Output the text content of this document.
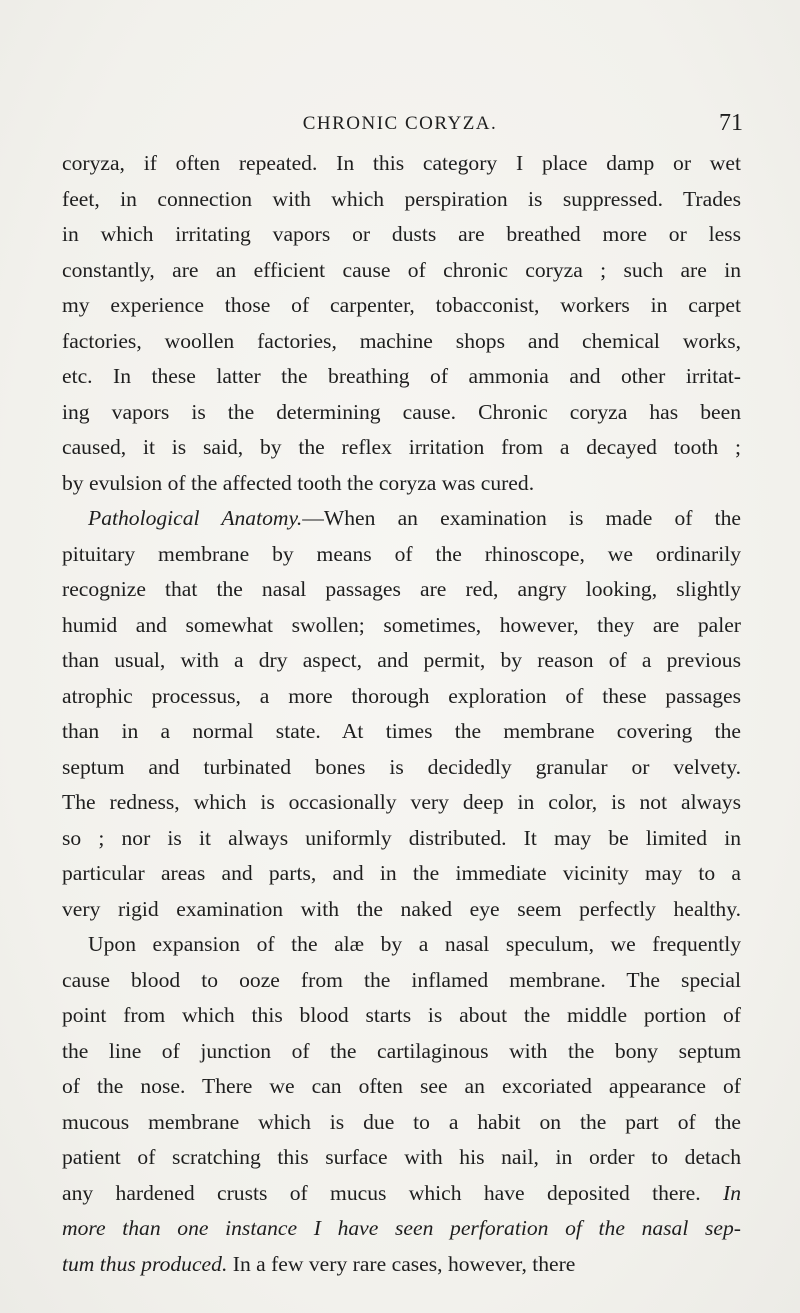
CHRONIC CORYZA.	71
coryza, if often repeated. In this category I place damp or wet
feet, in connection with which perspiration is suppressed. Trades
in which irritating vapors or dusts are breathed more or less
constantly, are an efficient cause of chronic coryza ; such are in
my experience those of carpenter, tobacconist, workers in carpet
factories, woollen factories, machine shops and chemical works,
etc. In these latter the breathing of ammonia and other irritat-
ing vapors is the determining cause. Chronic coryza has been
caused, it is said, by the reflex irritation from a decayed tooth ;
by evulsion of the affected tooth the coryza was cured.
Pathological Anatomy.—When an examination is made of the
pituitary membrane by means of the rhinoscope, we ordinarily
recognize that the nasal passages are red, angry looking, slightly
humid and somewhat swollen; sometimes, however, they are paler
than usual, with a dry aspect, and permit, by reason of a previous
atrophic processus, a more thorough exploration of these passages
than in a normal state. At times the membrane covering the
septum and turbinated bones is decidedly granular or velvety.
The redness, which is occasionally very deep in color, is not always
so ; nor is it always uniformly distributed. It may be limited in
particular areas and parts, and in the immediate vicinity may to a
very rigid examination with the naked eye seem perfectly healthy.
Upon expansion of the alæ by a nasal speculum, we frequently
cause blood to ooze from the inflamed membrane. The special
point from which this blood starts is about the middle portion of
the line of junction of the cartilaginous with the bony septum
of the nose. There we can often see an excoriated appearance of
mucous membrane which is due to a habit on the part of the
patient of scratching this surface with his nail, in order to detach
any hardened crusts of mucus which have deposited there. In
more than one instance I have seen perforation of the nasal sep-
tum thus produced. In a few very rare cases, however, there
